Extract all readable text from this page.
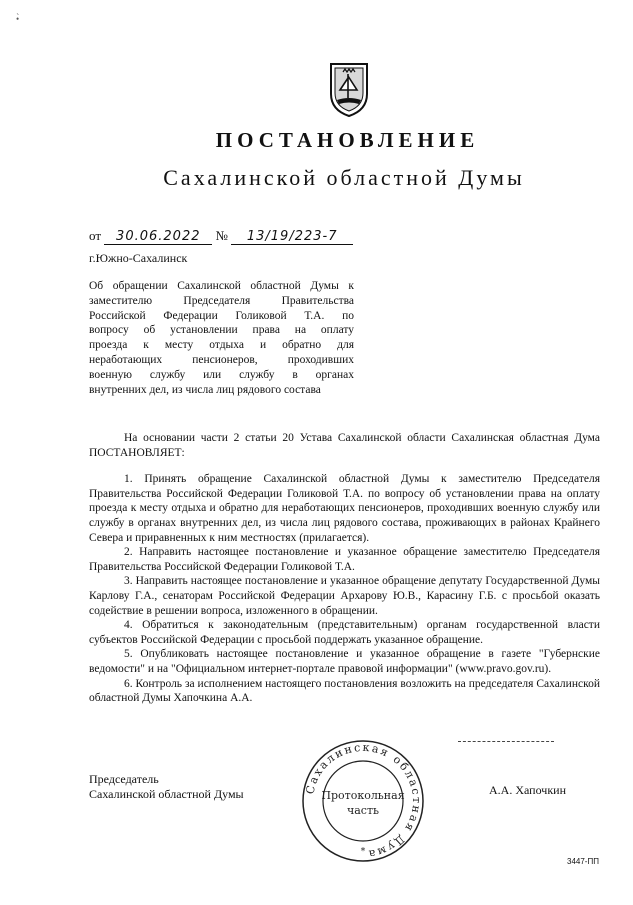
•̀
ПОСТАНОВЛЕНИЕ
Сахалинской областной Думы
от 30.06.2022 № 13/19/223-7
г.Южно-Сахалинск
Об обращении Сахалинской областной Думы к
заместителю Председателя Правительства
Российской Федерации Голиковой Т.А. по
вопросу об установлении права на оплату
проезда к месту отдыха и обратно для
неработающих пенсионеров, проходивших
военную службу или службу в органах
внутренних дел, из числа лиц рядового состава

На основании части 2 статьи 20 Устава Сахалинской области Сахалинская областная Дума ПОСТАНОВЛЯЕТ:

1. Принять обращение Сахалинской областной Думы к заместителю Председателя Правительства Российской Федерации Голиковой Т.А. по вопросу об установлении права на оплату проезда к месту отдыха и обратно для неработающих пенсионеров, проходивших военную службу или службу в органах внутренних дел, из числа лиц рядового состава, проживающих в районах Крайнего Севера и приравненных к ним местностях (прилагается).

2. Направить настоящее постановление и указанное обращение заместителю Председателя Правительства Российской Федерации Голиковой Т.А.

3. Направить настоящее постановление и указанное обращение депутату Государственной Думы Карлову Г.А., сенаторам Российской Федерации Архарову Ю.В., Карасину Г.Б. с просьбой оказать содействие в решении вопроса, изложенного в обращении.

4. Обратиться к законодательным (представительным) органам государственной власти субъектов Российской Федерации с просьбой поддержать указанное обращение.

5. Опубликовать настоящее постановление и указанное обращение в газете "Губернские ведомости" и на "Официальном интернет-портале правовой информации" (www.pravo.gov.ru).

6. Контроль за исполнением настоящего постановления возложить на председателя Сахалинской областной Думы Хапочкина А.А.

Председатель
Сахалинской областной Думы	Сахалинская областная Дума
Протокольная
часть
*
А.А. Хапочкин
3447-ПП
